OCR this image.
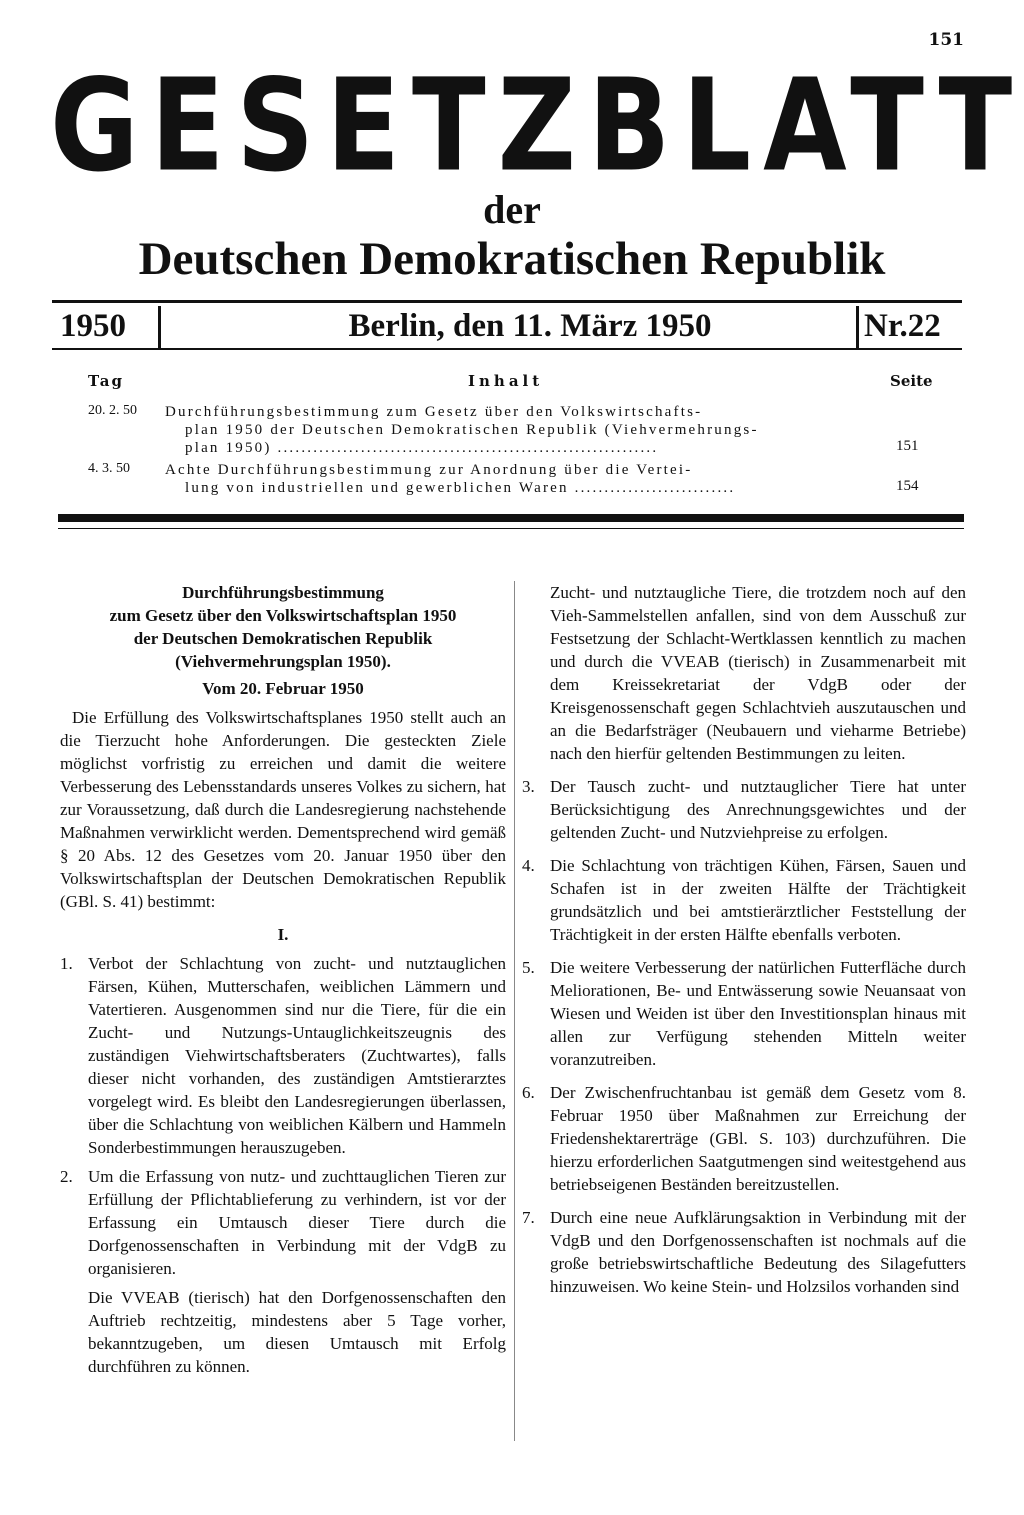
151
GESETZBLATT
der
Deutschen Demokratischen Republik
1950	Berlin, den 11. März 1950	Nr.22
Tag	Inhalt	Seite
20. 2. 50 Durchführungsbestimmung zum Gesetz über den Volkswirtschafts-
plan 1950 der Deutschen Demokratischen Republik (Viehvermehrungs-
plan 1950) ................................................................	151
4. 3. 50 Achte Durchführungsbestimmung zur Anordnung über die Vertei-
lung von industriellen und gewerblichen Waren ...........................	154
Durchführungsbestimmung
zum Gesetz über den Volkswirtschaftsplan 1950
der Deutschen Demokratischen Republik
(Viehvermehrungsplan 1950).
Vom 20. Februar 1950

Die Erfüllung des Volkswirtschaftsplanes 1950 stellt auch an die Tierzucht hohe Anforderungen. Die gesteckten Ziele möglichst vorfristig zu erreichen und damit die weitere Verbesserung des Lebensstandards unseres Volkes zu sichern, hat zur Voraussetzung, daß durch die Landesregierung nachstehende Maßnahmen verwirklicht werden. Dementsprechend wird gemäß § 20 Abs. 12 des Gesetzes vom 20. Januar 1950 über den Volkswirtschaftsplan der Deutschen Demokratischen Republik (GBl. S. 41) bestimmt:

I.
1. Verbot der Schlachtung von zucht- und nutztauglichen Färsen, Kühen, Mutterschafen, weiblichen Lämmern und Vatertieren. Ausgenommen sind nur die Tiere, für die ein Zucht- und Nutzungs-Untauglichkeitszeugnis des zuständigen Viehwirtschaftsberaters (Zuchtwartes), falls dieser nicht vorhanden, des zuständigen Amtstierarztes vorgelegt wird. Es bleibt den Landesregierungen überlassen, über die Schlachtung von weiblichen Kälbern und Hammeln Sonderbestimmungen herauszugeben.

2. Um die Erfassung von nutz- und zuchttauglichen Tieren zur Erfüllung der Pflichtablieferung zu verhindern, ist vor der Erfassung ein Umtausch dieser Tiere durch die Dorfgenossenschaften in Verbindung mit der VdgB zu organisieren.

Die VVEAB (tierisch) hat den Dorfgenossenschaften den Auftrieb rechtzeitig, mindestens aber 5 Tage vorher, bekanntzugeben, um diesen Umtausch mit Erfolg durchführen zu können.

Zucht- und nutztaugliche Tiere, die trotzdem noch auf den Vieh-Sammelstellen anfallen, sind von dem Ausschuß zur Festsetzung der Schlacht-Wertklassen kenntlich zu machen und durch die VVEAB (tierisch) in Zusammenarbeit mit dem Kreissekretariat der VdgB oder der Kreisgenossenschaft gegen Schlachtvieh auszutauschen und an die Bedarfsträger (Neubauern und vieharme Betriebe) nach den hierfür geltenden Bestimmungen zu leiten.

3. Der Tausch zucht- und nutztauglicher Tiere hat unter Berücksichtigung des Anrechnungsgewichtes und der geltenden Zucht- und Nutzviehpreise zu erfolgen.

4. Die Schlachtung von trächtigen Kühen, Färsen, Sauen und Schafen ist in der zweiten Hälfte der Trächtigkeit grundsätzlich und bei amtstierärztlicher Feststellung der Trächtigkeit in der ersten Hälfte ebenfalls verboten.

5. Die weitere Verbesserung der natürlichen Futterfläche durch Meliorationen, Be- und Entwässerung sowie Neuansaat von Wiesen und Weiden ist über den Investitionsplan hinaus mit allen zur Verfügung stehenden Mitteln weiter voranzutreiben.

6. Der Zwischenfruchtanbau ist gemäß dem Gesetz vom 8. Februar 1950 über Maßnahmen zur Erreichung der Friedenshektarerträge (GBl. S. 103) durchzuführen. Die hierzu erforderlichen Saatgutmengen sind weitestgehend aus betriebseigenen Beständen bereitzustellen.

7. Durch eine neue Aufklärungsaktion in Verbindung mit der VdgB und den Dorfgenossenschaften ist nochmals auf die große betriebswirtschaftliche Bedeutung des Silagefutters hinzuweisen. Wo keine Stein- und Holzsilos vorhanden sind
